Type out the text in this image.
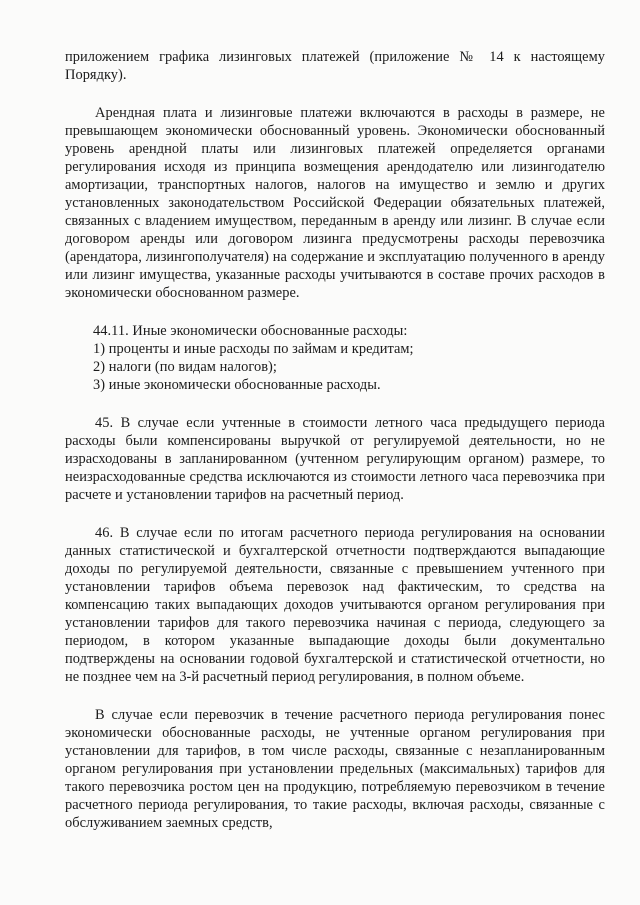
приложением графика лизинговых платежей (приложение № 14 к настоящему Порядку).

Арендная плата и лизинговые платежи включаются в расходы в размере, не превышающем экономически обоснованный уровень. Экономически обоснованный уровень арендной платы или лизинговых платежей определяется органами регулирования исходя из принципа возмещения арендодателю или лизингодателю амортизации, транспортных налогов, налогов на имущество и землю и других установленных законодательством Российской Федерации обязательных платежей, связанных с владением имуществом, переданным в аренду или лизинг. В случае если договором аренды или договором лизинга предусмотрены расходы перевозчика (арендатора, лизингополучателя) на содержание и эксплуатацию полученного в аренду или лизинг имущества, указанные расходы учитываются в составе прочих расходов в экономически обоснованном размере.

44.11. Иные экономически обоснованные расходы:

1) проценты и иные расходы по займам и кредитам;

2) налоги (по видам налогов);

3) иные экономически обоснованные расходы.

45. В случае если учтенные в стоимости летного часа предыдущего периода расходы были компенсированы выручкой от регулируемой деятельности, но не израсходованы в запланированном (учтенном регулирующим органом) размере, то неизрасходованные средства исключаются из стоимости летного часа перевозчика при расчете и установлении тарифов на расчетный период.

46. В случае если по итогам расчетного периода регулирования на основании данных статистической и бухгалтерской отчетности подтверждаются выпадающие доходы по регулируемой деятельности, связанные с превышением учтенного при установлении тарифов объема перевозок над фактическим, то средства на компенсацию таких выпадающих доходов учитываются органом регулирования при установлении тарифов для такого перевозчика начиная с периода, следующего за периодом, в котором указанные выпадающие доходы были документально подтверждены на основании годовой бухгалтерской и статистической отчетности, но не позднее чем на 3-й расчетный период регулирования, в полном объеме.

В случае если перевозчик в течение расчетного периода регулирования понес экономически обоснованные расходы, не учтенные органом регулирования при установлении для тарифов, в том числе расходы, связанные с незапланированным органом регулирования при установлении предельных (максимальных) тарифов для такого перевозчика ростом цен на продукцию, потребляемую перевозчиком в течение расчетного периода регулирования, то такие расходы, включая расходы, связанные с обслуживанием заемных средств,
